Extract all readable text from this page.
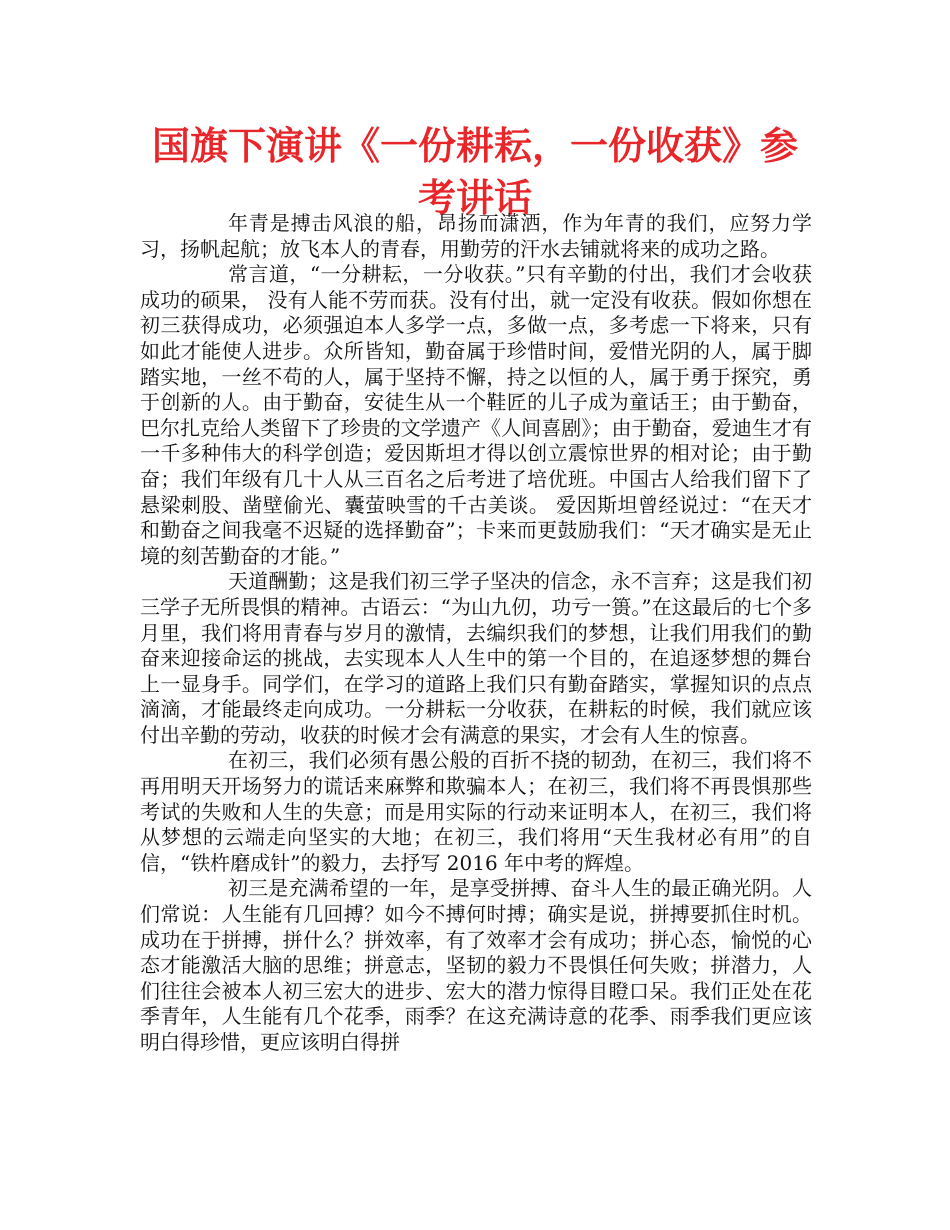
国旗下演讲《一份耕耘，一份收获》参考讲话

年青是搏击风浪的船，昂扬而潇洒，作为年青的我们，应努力学习，扬帆起航；放飞本人的青春，用勤劳的汗水去铺就将来的成功之路。

常言道，“一分耕耘，一分收获。”只有辛勤的付出，我们才会收获成功的硕果， 没有人能不劳而获。没有付出，就一定没有收获。假如你想在初三获得成功，必须强迫本人多学一点，多做一点，多考虑一下将来，只有如此才能使人进步。众所皆知，勤奋属于珍惜时间，爱惜光阴的人，属于脚踏实地，一丝不苟的人，属于坚持不懈，持之以恒的人，属于勇于探究，勇于创新的人。由于勤奋，安徒生从一个鞋匠的儿子成为童话王；由于勤奋，巴尔扎克给人类留下了珍贵的文学遗产《人间喜剧》；由于勤奋，爱迪生才有一千多种伟大的科学创造；爱因斯坦才得以创立震惊世界的相对论；由于勤奋；我们年级有几十人从三百名之后考进了培优班。中国古人给我们留下了悬梁刺股、凿壁偷光、囊萤映雪的千古美谈。 爱因斯坦曾经说过：“在天才和勤奋之间我毫不迟疑的选择勤奋”；卡来而更鼓励我们：“天才确实是无止境的刻苦勤奋的才能。”

天道酬勤；这是我们初三学子坚决的信念，永不言弃；这是我们初三学子无所畏惧的精神。古语云：“为山九仞，功亏一篑。”在这最后的七个多月里，我们将用青春与岁月的激情，去编织我们的梦想，让我们用我们的勤奋来迎接命运的挑战，去实现本人人生中的第一个目的，在追逐梦想的舞台上一显身手。同学们，在学习的道路上我们只有勤奋踏实，掌握知识的点点滴滴，才能最终走向成功。一分耕耘一分收获，在耕耘的时候，我们就应该付出辛勤的劳动，收获的时候才会有满意的果实，才会有人生的惊喜。

在初三，我们必须有愚公般的百折不挠的韧劲，在初三，我们将不再用明天开场努力的谎话来麻弊和欺骗本人；在初三，我们将不再畏惧那些考试的失败和人生的失意；而是用实际的行动来证明本人，在初三，我们将从梦想的云端走向坚实的大地；在初三，我们将用“天生我材必有用”的自信，“铁杵磨成针”的毅力，去抒写 2016 年中考的辉煌。

初三是充满希望的一年，是享受拼搏、奋斗人生的最正确光阴。人们常说：人生能有几回搏？如今不搏何时搏；确实是说，拼搏要抓住时机。成功在于拼搏，拼什么？拼效率，有了效率才会有成功；拼心态，愉悦的心态才能激活大脑的思维；拼意志，坚韧的毅力不畏惧任何失败；拼潜力，人们往往会被本人初三宏大的进步、宏大的潜力惊得目瞪口呆。我们正处在花季青年，人生能有几个花季，雨季？在这充满诗意的花季、雨季我们更应该明白得珍惜，更应该明白得拼
